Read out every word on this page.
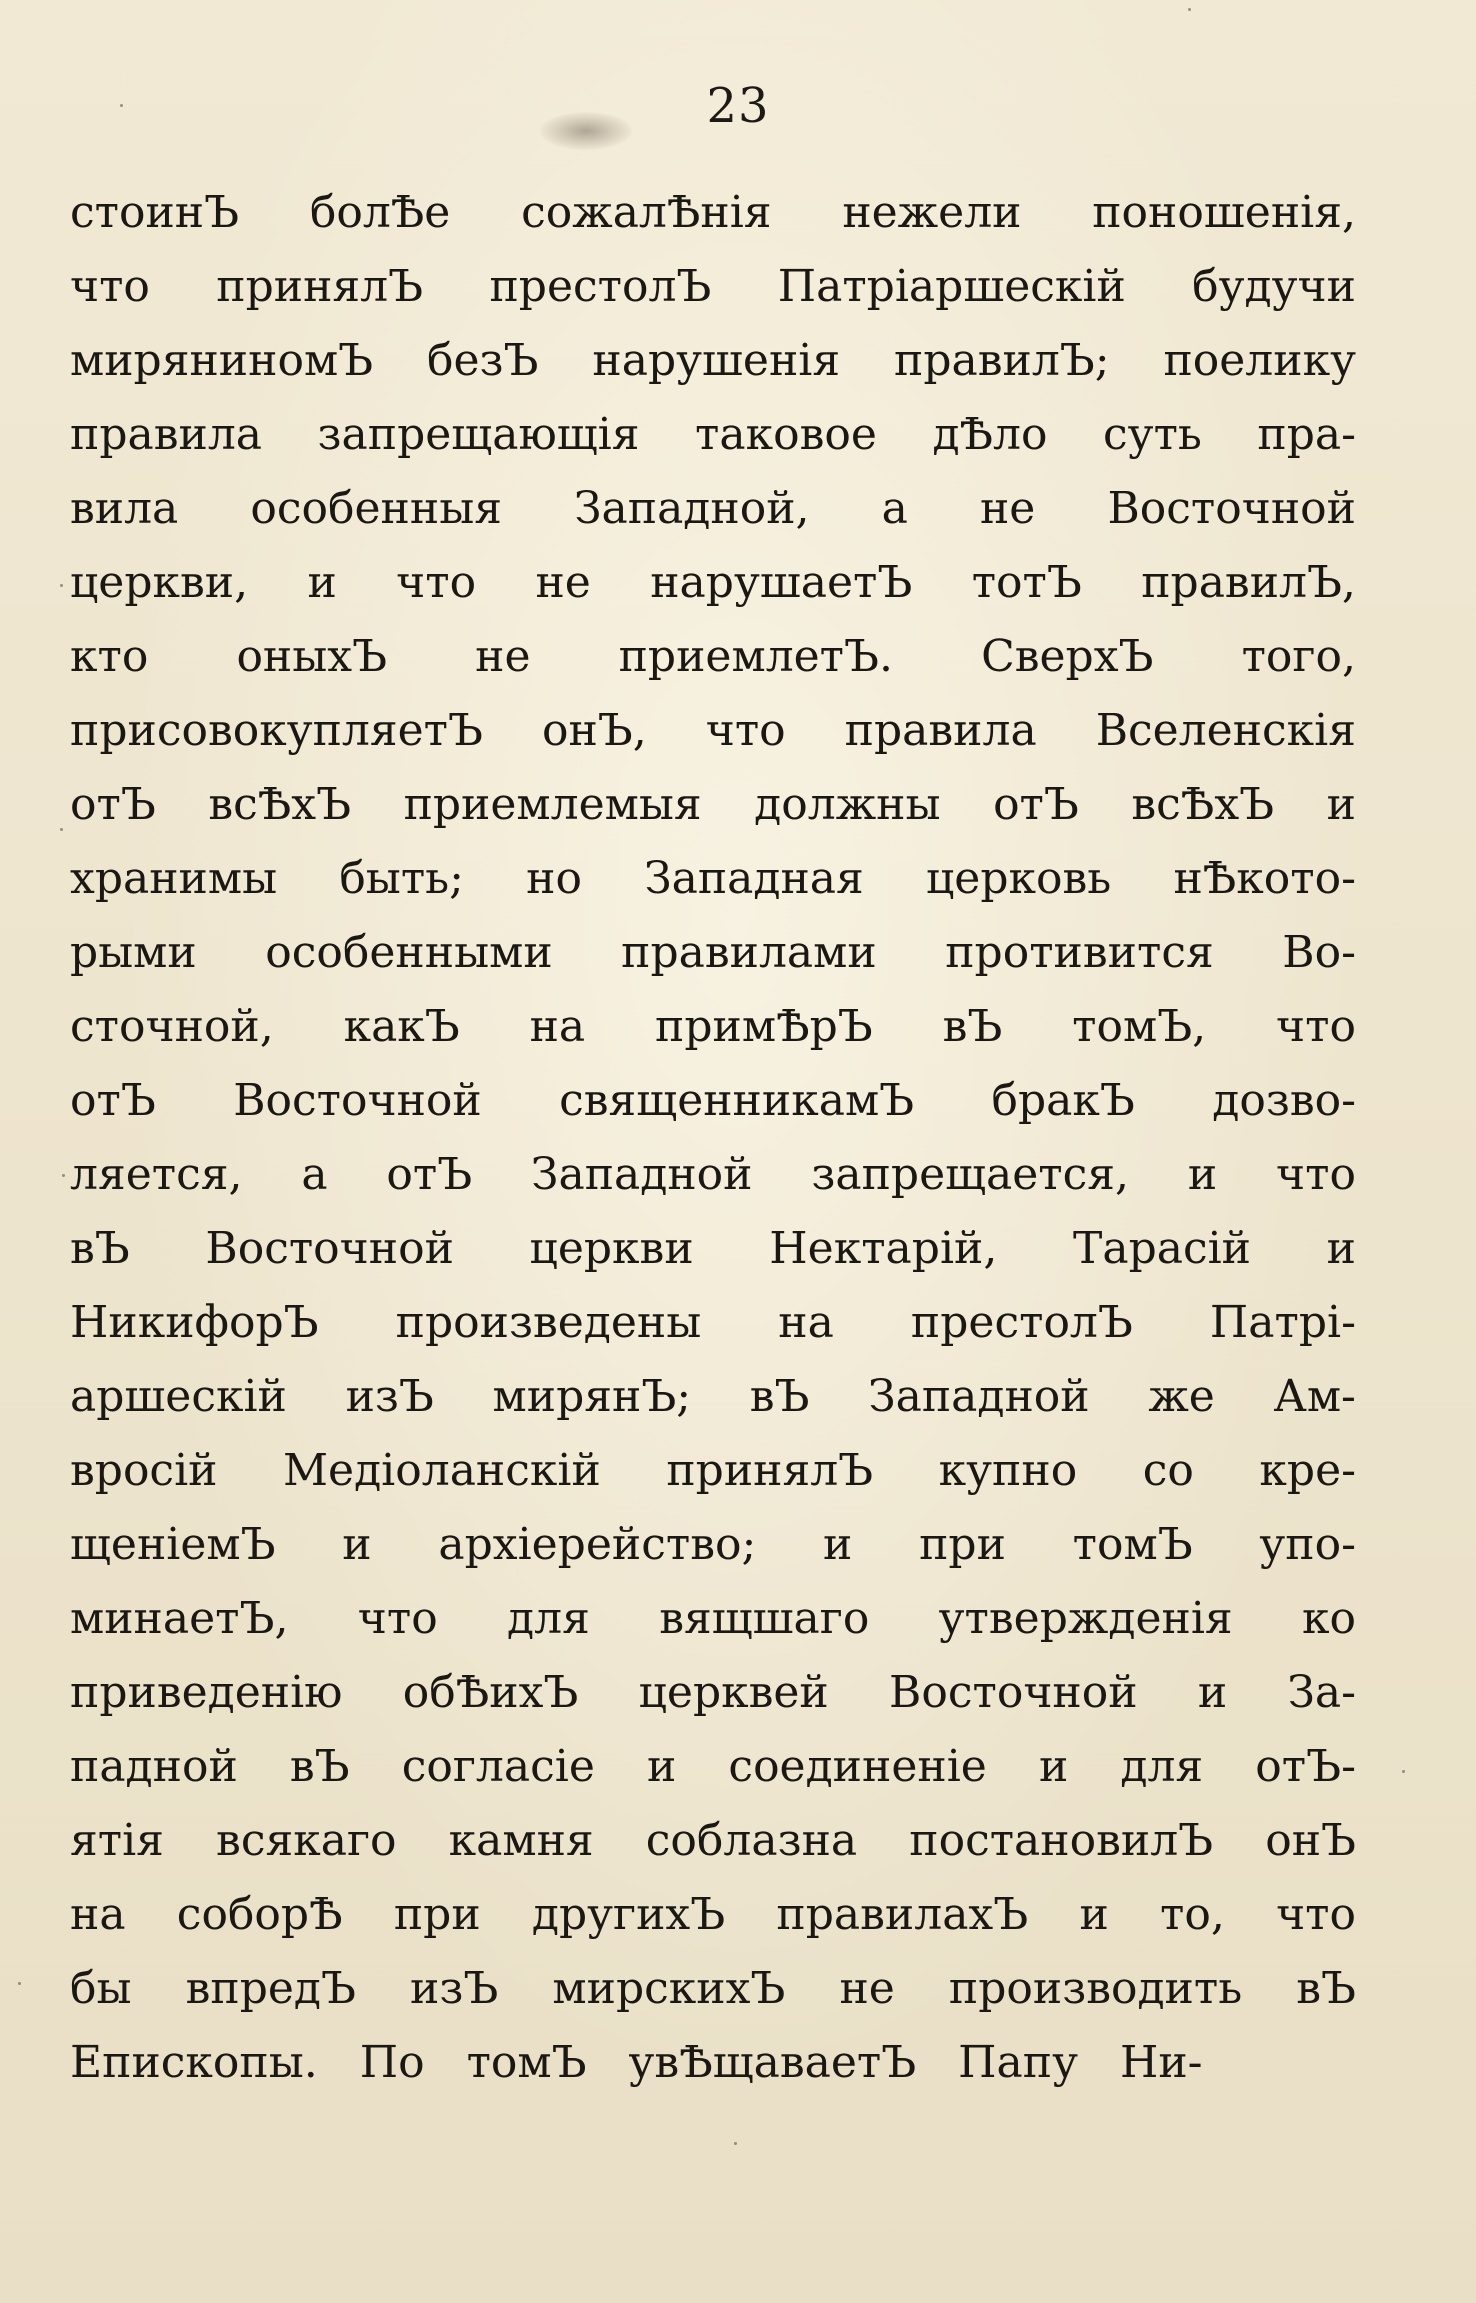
23
стоинЪ болѢе сожалѢнія нежели поношенія,
что принялЪ престолЪ Патріаршескій будучи
миряниномЪ безЪ нарушенія правилЪ; поелику
правила запрещающія таковое дѢло суть пра-
вила особенныя Западной, а не Восточной
церкви, и что не нарушаетЪ тотЪ правилЪ,
кто оныхЪ не приемлетЪ. СверхЪ того,
присовокупляетЪ онЪ, что правила Вселенскія
отЪ всѢхЪ приемлемыя должны отЪ всѢхЪ и
хранимы быть; но Западная церковь нѢкото-
рыми особенными правилами противится Во-
сточной, какЪ на примѢрЪ вЪ томЪ, что
отЪ Восточной священникамЪ бракЪ дозво-
ляется, а отЪ Западной запрещается, и что
вЪ Восточной церкви Нектарій, Тарасій и
НикифорЪ произведены на престолЪ Патрі-
аршескій изЪ мирянЪ; вЪ Западной же Ам-
вросій Медіоланскій принялЪ купно со кре-
щеніемЪ и архіерейство; и при томЪ упо-
минаетЪ, что для вящшаго утвержденія ко
приведенію обѢихЪ церквей Восточной и За-
падной вЪ согласіе и соединеніе и для отЪ-
ятія всякаго камня соблазна постановилЪ онЪ
на соборѢ при другихЪ правилахЪ и то, что
бы впредЪ изЪ мирскихЪ не производить вЪ
Епископы.
По
томЪ
увѢщаваетЪ
Папу
Ни-
